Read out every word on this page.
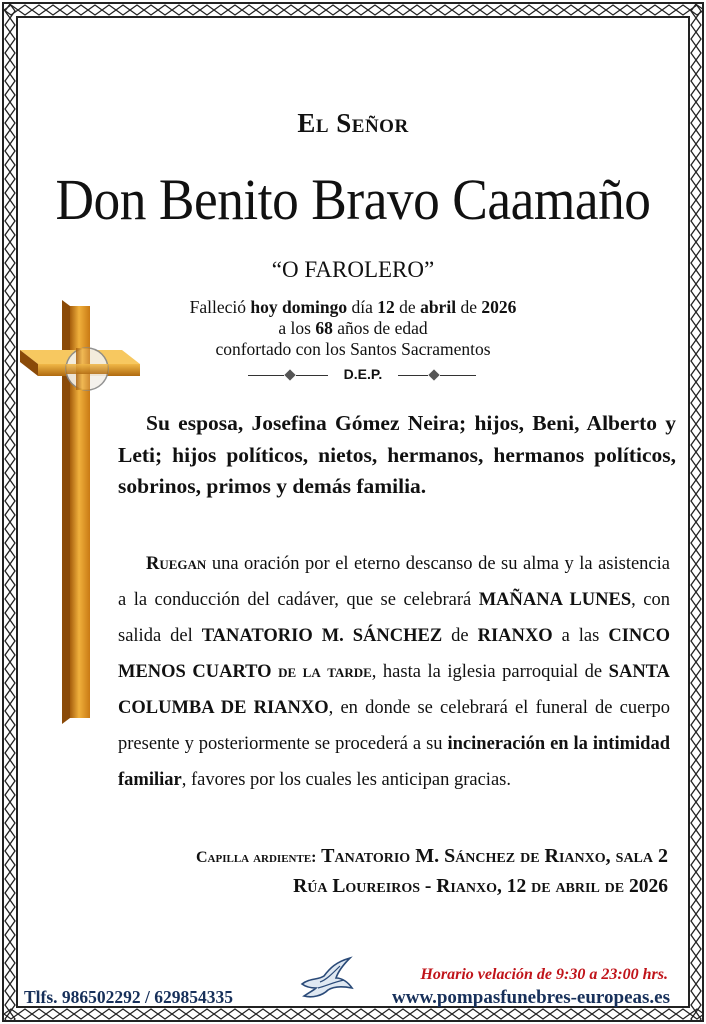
El Señor
Don Benito Bravo Caamaño
“O FAROLERO”
Falleció hoy domingo día 12 de abril de 2026
a los 68 años de edad
confortado con los Santos Sacramentos
D.E.P.
Su esposa, Josefina Gómez Neira; hijos, Beni, Alberto y Leti; hijos políticos, nietos, hermanos, hermanos políticos, sobrinos, primos y demás familia.
Ruegan una oración por el eterno descanso de su alma y la asistencia a la conducción del cadáver, que se celebrará MAÑANA LUNES, con salida del TANATORIO M. SÁNCHEZ de RIANXO a las CINCO MENOS CUARTO de la tarde, hasta la iglesia parroquial de SANTA COLUMBA DE RIANXO, en donde se celebrará el funeral de cuerpo presente y posteriormente se procederá a su incineración en la intimidad familiar, favores por los cuales les anticipan gracias.
Capilla ardiente: Tanatorio M. Sánchez de Rianxo, sala 2
Rúa Loureiros - Rianxo, 12 de abril de 2026
Horario velación de 9:30 a 23:00 hrs.
Tlfs. 986502292 / 629854335	www.pompasfunebres-europeas.es
